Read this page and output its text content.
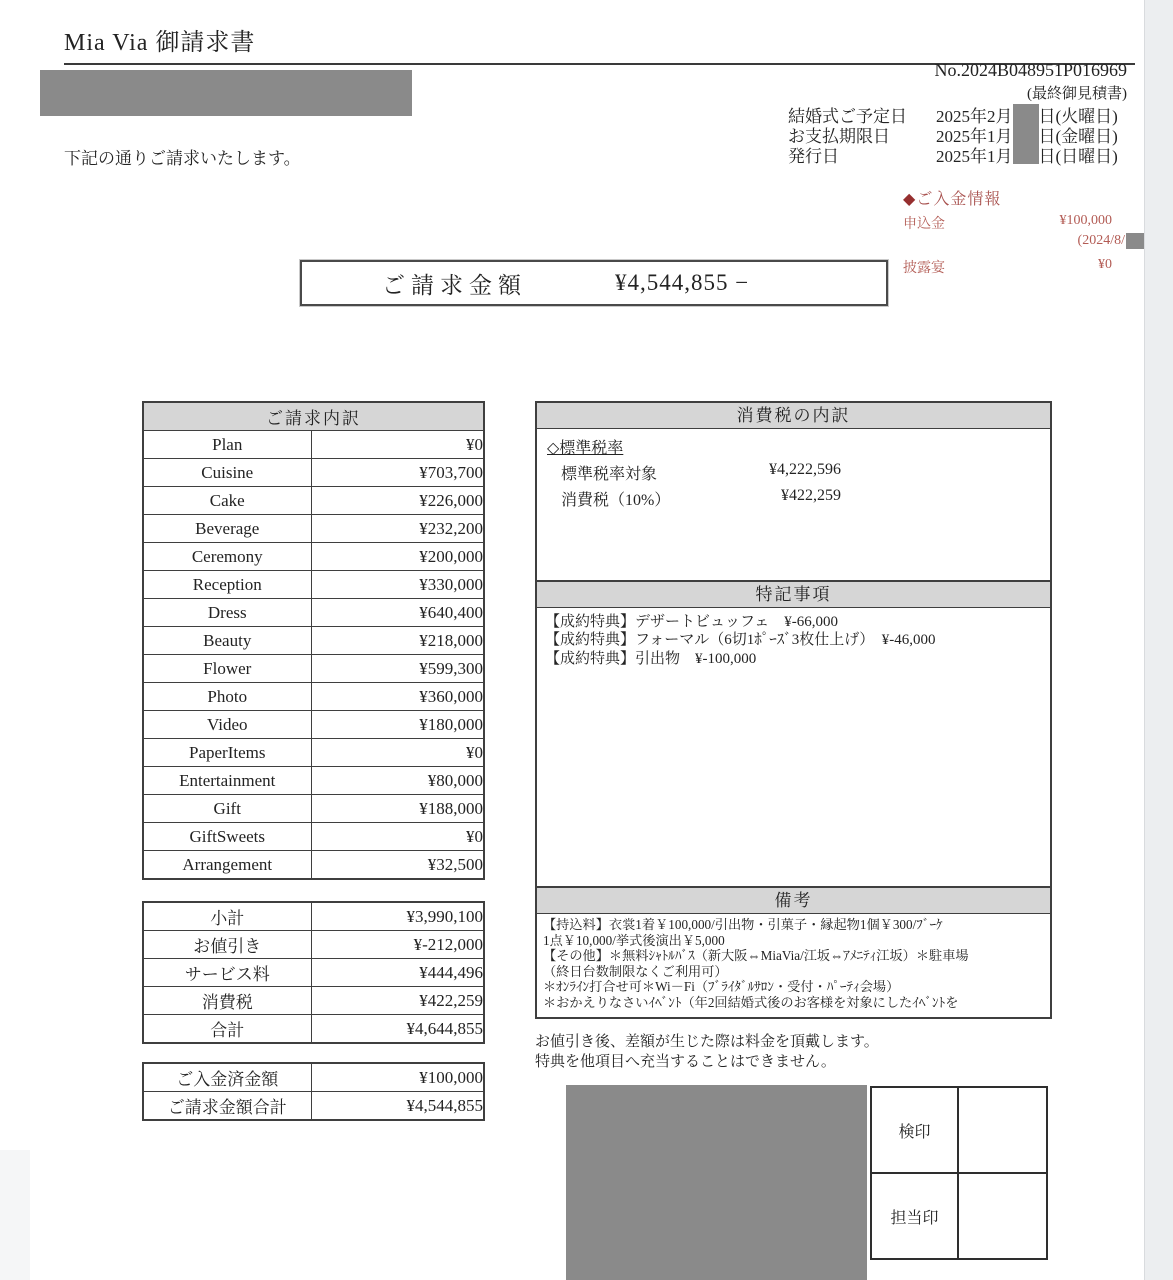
Mia Via 御請求書
下記の通りご請求いたします。
No.2024B048951P016969
(最終御見積書)
結婚式ご予定日	2025年2月 日(火曜日)
お支払期限日	2025年1月 日(金曜日)
発行日	2025年1月 日(日曜日)
◆ご入金情報
申込金	¥100,000
(2024/8/
披露宴	¥0
ご請求金額	¥4,544,855 −
ご請求内訳	
Plan	¥0
Cuisine	¥703,700
Cake	¥226,000
Beverage	¥232,200
Ceremony	¥200,000
Reception	¥330,000
Dress	¥640,400
Beauty	¥218,000
Flower	¥599,300
Photo	¥360,000
Video	¥180,000
PaperItems	¥0
Entertainment	¥80,000
Gift	¥188,000
GiftSweets	¥0
Arrangement	¥32,500
小計	¥3,990,100
お値引き	¥-212,000
サービス料	¥444,496
消費税	¥422,259
合計	¥4,644,855
ご入金済金額	¥100,000
ご請求金額合計	¥4,544,855
消費税の内訳
◇標準税率
標準税率対象	¥4,222,596
消費税（10%）	¥422,259
特記事項
【成約特典】デザートビュッフェ　¥-66,000
【成約特典】フォーマル（6切1ﾎﾟｰｽﾞ3枚仕上げ）　¥-46,000
【成約特典】引出物　¥-100,000
備考
【持込料】衣裳1着￥100,000/引出物・引菓子・縁起物1個￥300/ﾌﾞｰｹ
1点￥10,000/挙式後演出￥5,000
【その他】＊無料ｼｬﾄﾙﾊﾞｽ（新大阪⇔MiaVia/江坂⇔ｱﾒﾆﾃｨ江坂）＊駐車場
（終日台数制限なくご利用可）
＊ｵﾝﾗｲﾝ打合せ可＊Wi－Fi（ﾌﾞﾗｲﾀﾞﾙｻﾛﾝ・受付・ﾊﾟｰﾃｨ会場）
＊おかえりなさいｲﾍﾞﾝﾄ（年2回結婚式後のお客様を対象にしたｲﾍﾞﾝﾄを
お値引き後、差額が生じた際は料金を頂戴します。
特典を他項目へ充当することはできません。
検印	
担当印	
